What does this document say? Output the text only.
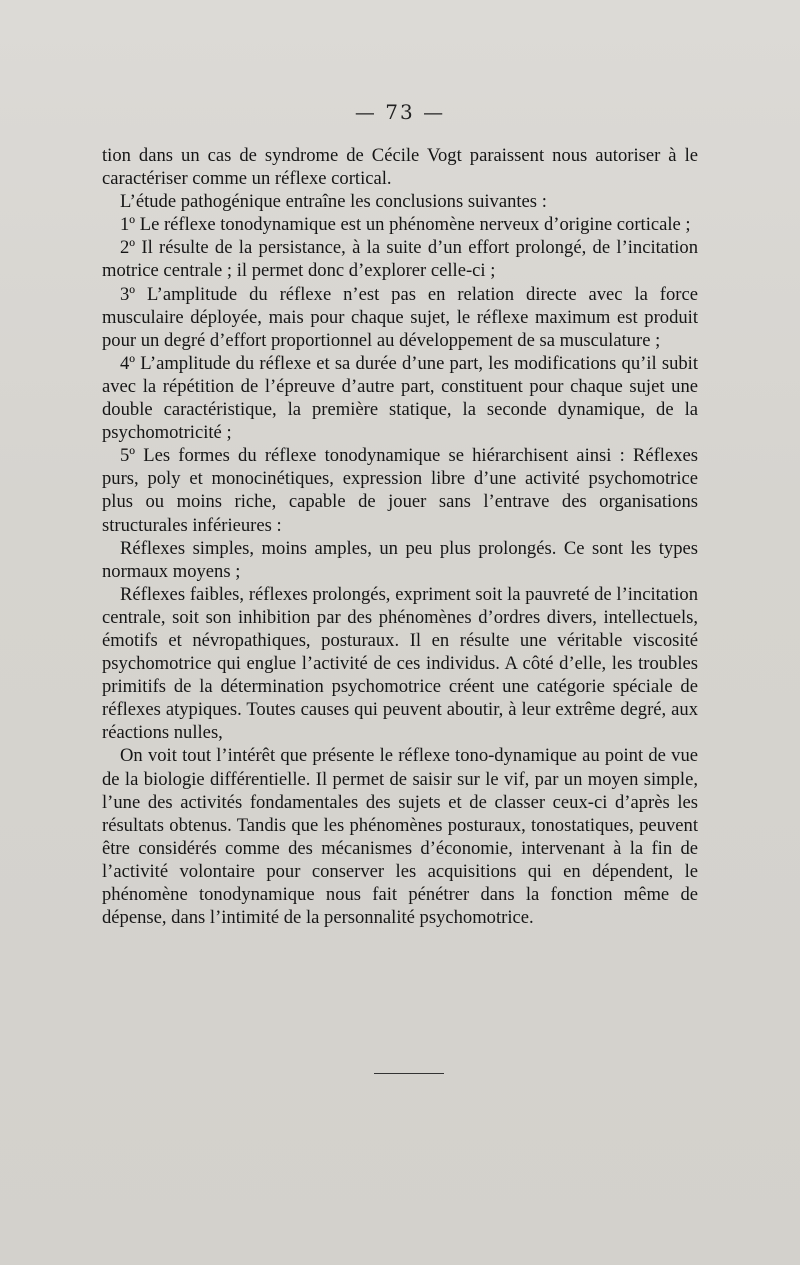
— 73 —

tion dans un cas de syndrome de Cécile Vogt paraissent nous autoriser à le caractériser comme un réflexe cortical.

L’étude pathogénique entraîne les conclusions suivantes :

1º Le réflexe tonodynamique est un phénomène nerveux d’origine corticale ;

2º Il résulte de la persistance, à la suite d’un effort prolongé, de l’incitation motrice centrale ; il permet donc d’explorer celle-ci ;

3º L’amplitude du réflexe n’est pas en relation directe avec la force musculaire déployée, mais pour chaque sujet, le réflexe maximum est produit pour un degré d’effort proportionnel au développement de sa musculature ;

4º L’amplitude du réflexe et sa durée d’une part, les modifications qu’il subit avec la répétition de l’épreuve d’autre part, constituent pour chaque sujet une double caractéristique, la première statique, la seconde dynamique, de la psychomotricité ;

5º Les formes du réflexe tonodynamique se hiérarchisent ainsi : Réflexes purs, poly et monocinétiques, expression libre d’une activité psychomotrice plus ou moins riche, capable de jouer sans l’entrave des organisations structurales inférieures :

Réflexes simples, moins amples, un peu plus prolongés. Ce sont les types normaux moyens ;

Réflexes faibles, réflexes prolongés, expriment soit la pauvreté de l’incitation centrale, soit son inhibition par des phénomènes d’ordres divers, intellectuels, émotifs et névropathiques, posturaux. Il en résulte une véritable viscosité psychomotrice qui englue l’activité de ces individus. A côté d’elle, les troubles primitifs de la détermination psychomotrice créent une catégorie spéciale de réflexes atypiques. Toutes causes qui peuvent aboutir, à leur extrême degré, aux réactions nulles,

On voit tout l’intérêt que présente le réflexe tono-dynamique au point de vue de la biologie différentielle. Il permet de saisir sur le vif, par un moyen simple, l’une des activités fondamentales des sujets et de classer ceux-ci d’après les résultats obtenus. Tandis que les phénomènes posturaux, tonostatiques, peuvent être considérés comme des mécanismes d’économie, intervenant à la fin de l’activité volontaire pour conserver les acquisitions qui en dépendent, le phénomène tonodynamique nous fait pénétrer dans la fonction même de dépense, dans l’intimité de la personnalité psychomotrice.
